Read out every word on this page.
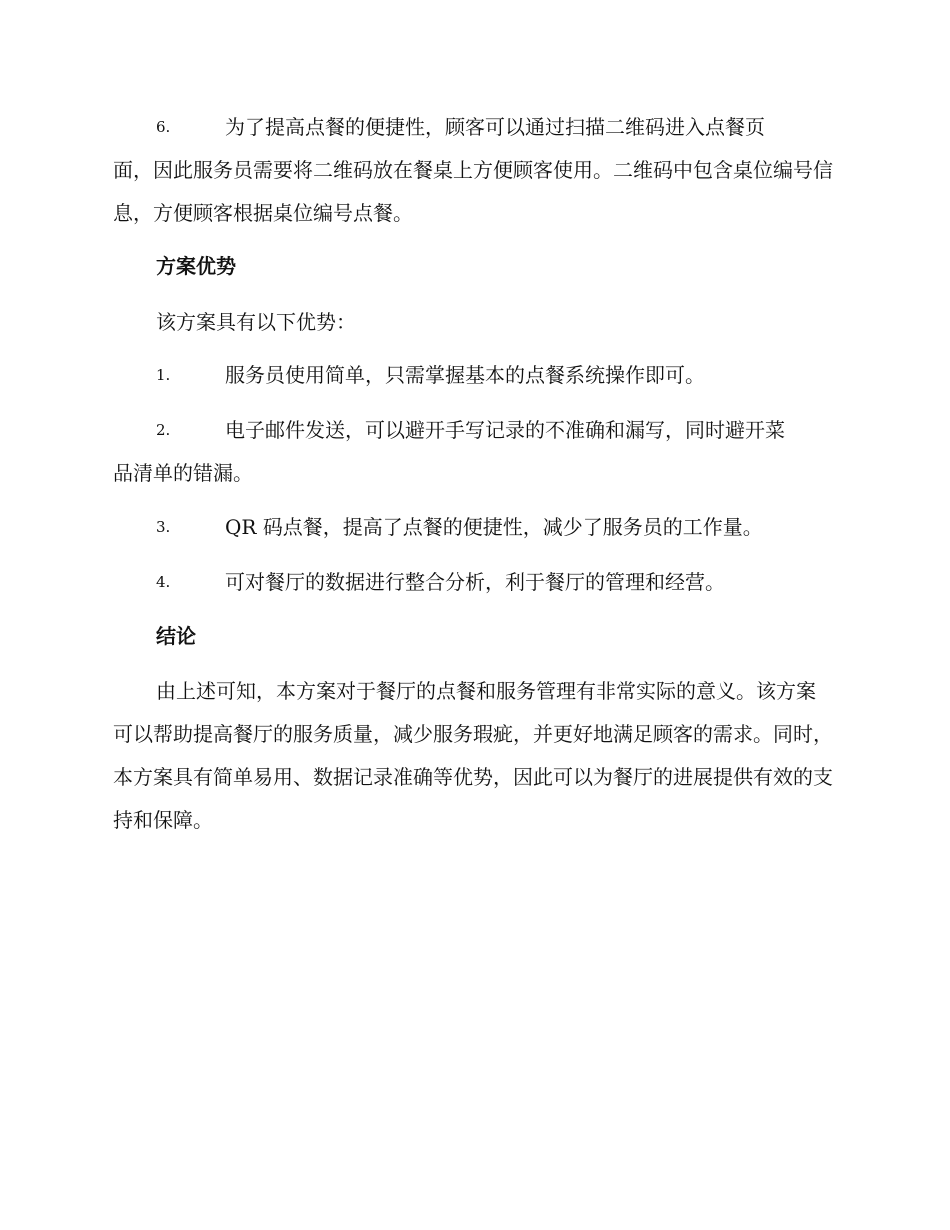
6.	为了提高点餐的便捷性，顾客可以通过扫描二维码进入点餐页
面，因此服务员需要将二维码放在餐桌上方便顾客使用。二维码中包含桌位编号信息，方便顾客根据桌位编号点餐。
方案优势
该方案具有以下优势：
1.	服务员使用简单，只需掌握基本的点餐系统操作即可。
2.	电子邮件发送，可以避开手写记录的不准确和漏写，同时避开菜
品清单的错漏。
3.	QR 码点餐，提高了点餐的便捷性，减少了服务员的工作量。
4.	可对餐厅的数据进行整合分析，利于餐厅的管理和经营。
结论
由上述可知，本方案对于餐厅的点餐和服务管理有非常实际的意义。该方案可以帮助提高餐厅的服务质量，减少服务瑕疵，并更好地满足顾客的需求。同时，本方案具有简单易用、数据记录准确等优势，因此可以为餐厅的进展提供有效的支持和保障。
